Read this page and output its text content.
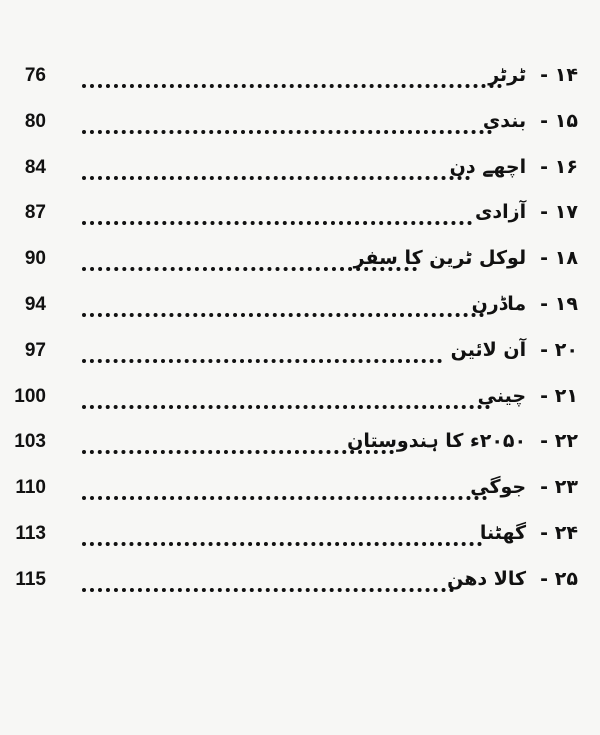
76	۱۴-ٹرٹر
80	۱۵-بندی
84	۱۶-اچھے دن
87	۱۷-آزادی
90	۱۸-لوکل ٹرین کا سفر
94	۱۹-ماڈرن
97	۲۰-آن لائین
100	۲۱-چینی
103	۲۲-۲۰۵۰ء کا ہندوستان
110	۲۳-جوگی
113	۲۴-گھٹنا
115	۲۵-کالا دھن
